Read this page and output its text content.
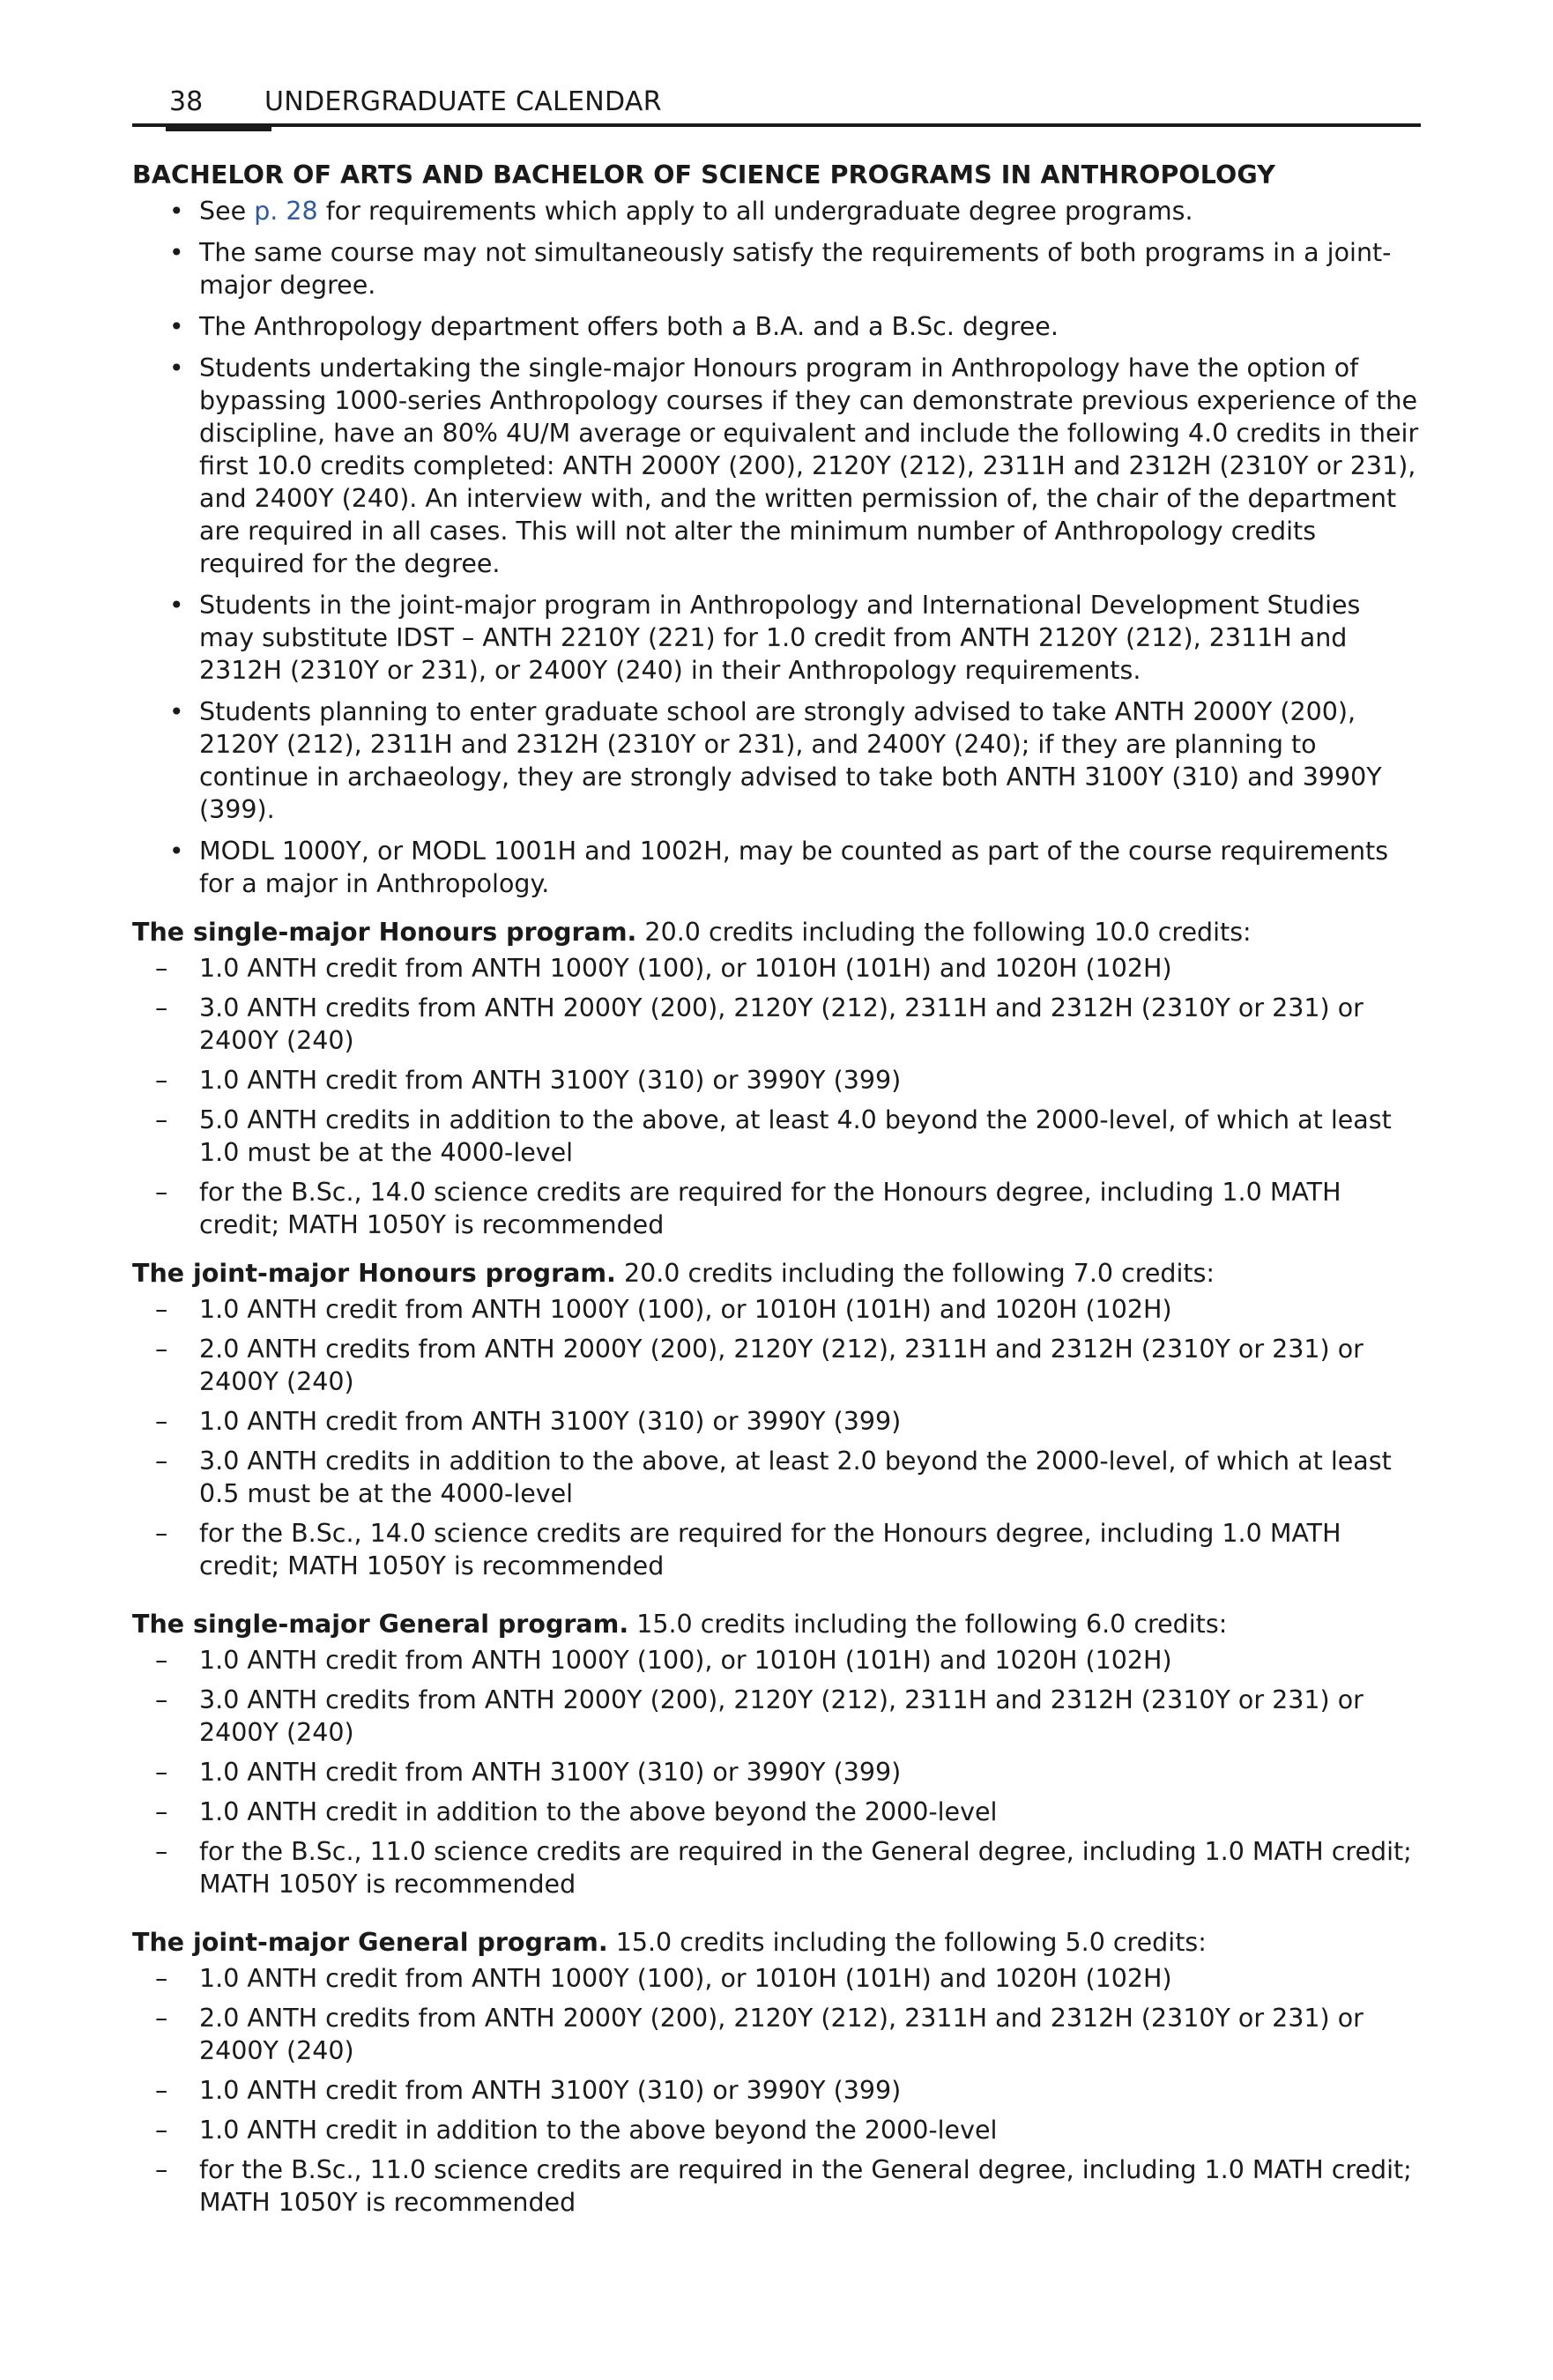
38 UNDERGRADUATE CALENDAR
BACHELOR OF ARTS AND BACHELOR OF SCIENCE PROGRAMS IN ANTHROPOLOGY
• See p. 28 for requirements which apply to all undergraduate degree programs.
• The same course may not simultaneously satisfy the requirements of both programs in a joint-major degree.
• The Anthropology department offers both a B.A. and a B.Sc. degree.
• Students undertaking the single-major Honours program in Anthropology have the option of bypassing 1000-series Anthropology courses if they can demonstrate previous experience of the discipline, have an 80% 4U/M average or equivalent and include the following 4.0 credits in their first 10.0 credits completed: ANTH 2000Y (200), 2120Y (212), 2311H and 2312H (2310Y or 231), and 2400Y (240). An interview with, and the written permission of, the chair of the department are required in all cases. This will not alter the minimum number of Anthropology credits required for the degree.
• Students in the joint-major program in Anthropology and International Development Studies may substitute IDST – ANTH 2210Y (221) for 1.0 credit from ANTH 2120Y (212), 2311H and 2312H (2310Y or 231), or 2400Y (240) in their Anthropology requirements.
• Students planning to enter graduate school are strongly advised to take ANTH 2000Y (200), 2120Y (212), 2311H and 2312H (2310Y or 231), and 2400Y (240); if they are planning to continue in archaeology, they are strongly advised to take both ANTH 3100Y (310) and 3990Y (399).
• MODL 1000Y, or MODL 1001H and 1002H, may be counted as part of the course requirements for a major in Anthropology.
The single-major Honours program. 20.0 credits including the following 10.0 credits:
– 1.0 ANTH credit from ANTH 1000Y (100), or 1010H (101H) and 1020H (102H)
– 3.0 ANTH credits from ANTH 2000Y (200), 2120Y (212), 2311H and 2312H (2310Y or 231) or 2400Y (240)
– 1.0 ANTH credit from ANTH 3100Y (310) or 3990Y (399)
– 5.0 ANTH credits in addition to the above, at least 4.0 beyond the 2000-level, of which at least 1.0 must be at the 4000-level
– for the B.Sc., 14.0 science credits are required for the Honours degree, including 1.0 MATH credit; MATH 1050Y is recommended
The joint-major Honours program. 20.0 credits including the following 7.0 credits:
– 1.0 ANTH credit from ANTH 1000Y (100), or 1010H (101H) and 1020H (102H)
– 2.0 ANTH credits from ANTH 2000Y (200), 2120Y (212), 2311H and 2312H (2310Y or 231) or 2400Y (240)
– 1.0 ANTH credit from ANTH 3100Y (310) or 3990Y (399)
– 3.0 ANTH credits in addition to the above, at least 2.0 beyond the 2000-level, of which at least 0.5 must be at the 4000-level
– for the B.Sc., 14.0 science credits are required for the Honours degree, including 1.0 MATH credit; MATH 1050Y is recommended
The single-major General program. 15.0 credits including the following 6.0 credits:
– 1.0 ANTH credit from ANTH 1000Y (100), or 1010H (101H) and 1020H (102H)
– 3.0 ANTH credits from ANTH 2000Y (200), 2120Y (212), 2311H and 2312H (2310Y or 231) or 2400Y (240)
– 1.0 ANTH credit from ANTH 3100Y (310) or 3990Y (399)
– 1.0 ANTH credit in addition to the above beyond the 2000-level
– for the B.Sc., 11.0 science credits are required in the General degree, including 1.0 MATH credit; MATH 1050Y is recommended
The joint-major General program. 15.0 credits including the following 5.0 credits:
– 1.0 ANTH credit from ANTH 1000Y (100), or 1010H (101H) and 1020H (102H)
– 2.0 ANTH credits from ANTH 2000Y (200), 2120Y (212), 2311H and 2312H (2310Y or 231) or 2400Y (240)
– 1.0 ANTH credit from ANTH 3100Y (310) or 3990Y (399)
– 1.0 ANTH credit in addition to the above beyond the 2000-level
– for the B.Sc., 11.0 science credits are required in the General degree, including 1.0 MATH credit; MATH 1050Y is recommended
